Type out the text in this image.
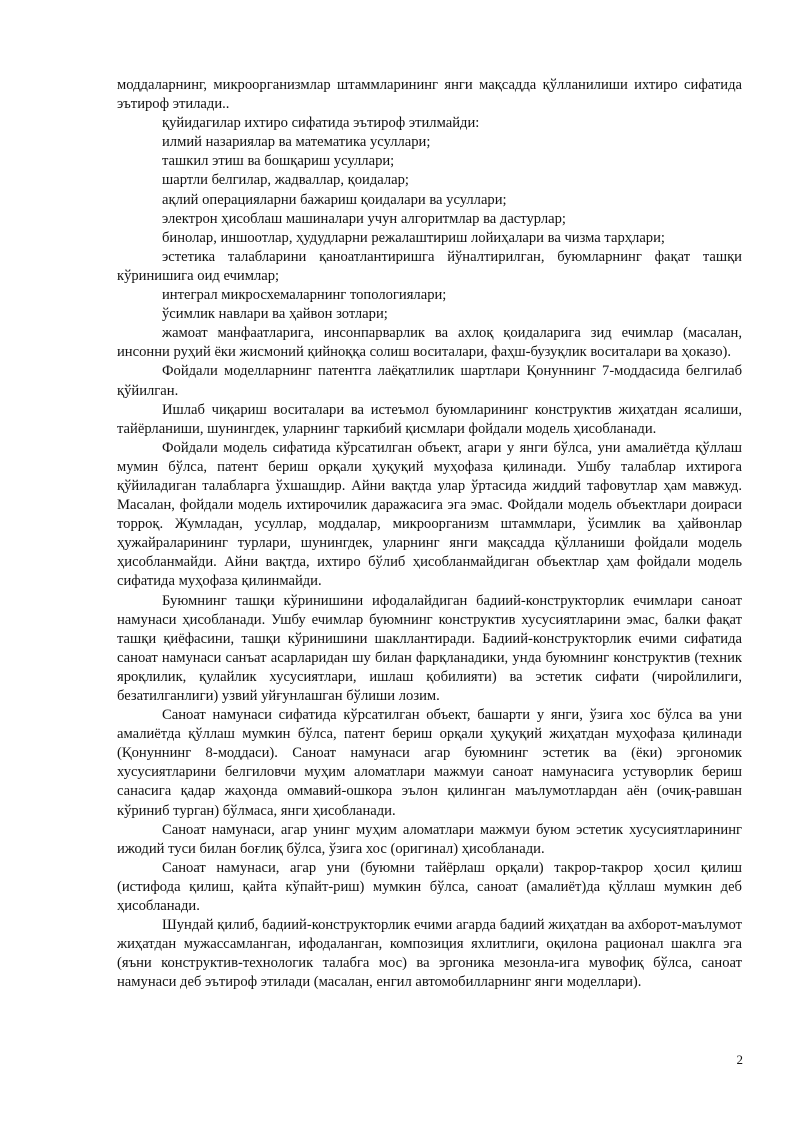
моддаларнинг, микроорганизмлар штаммларининг янги мақсадда қўлланилиши ихтиро сифатида эътироф этилади..

қуйидагилар ихтиро сифатида эътироф этилмайди:

илмий назариялар ва математика усуллари;

ташкил этиш ва бошқариш усуллари;

шартли белгилар, жадваллар, қоидалар;

ақлий операцияларни бажариш қоидалари ва усуллари;

электрон ҳисоблаш машиналари учун алгоритмлар ва дастурлар;

бинолар, иншоотлар, ҳудудларни режалаштириш лойиҳалари ва чизма тарҳлари;

эстетика талабларини қаноатлантиришга йўналтирилган, буюмларнинг фақат ташқи кўринишига оид ечимлар;

интеграл микросхемаларнинг топологиялари;

ўсимлик навлари ва ҳайвон зотлари;

жамоат манфаатларига, инсонпарварлик ва ахлоқ қоидаларига зид ечимлар (масалан, инсонни руҳий ёки жисмоний қийноққа солиш воситалари, фаҳш-бузуқлик воситалари ва ҳоказо).

Фойдали моделларнинг патентга лаёқатлилик шартлари Қонуннинг 7-моддасида белгилаб қўйилган.

Ишлаб чиқариш воситалари ва истеъмол буюмларининг конструктив жиҳатдан ясалиши, тайёрланиши, шунингдек, уларнинг таркибий қисмлари фойдали модель ҳисобланади.

Фойдали модель сифатида кўрсатилган объект, агари у янги бўлса, уни амалиётда қўллаш мумин бўлса, патент бериш орқали ҳуқуқий муҳофаза қилинади. Ушбу талаблар ихтирога қўйиладиган талабларга ўхшашдир. Айни вақтда улар ўртасида жиддий тафовутлар ҳам мавжуд. Масалан, фойдали модель ихтирочилик даражасига эга эмас. Фойдали модель объектлари доираси торроқ. Жумладан, усуллар, моддалар, микроорганизм штаммлари, ўсимлик ва ҳайвонлар ҳужайраларининг турлари, шунингдек, уларнинг янги мақсадда қўлланиши фойдали модель ҳисобланмайди. Айни вақтда, ихтиро бўлиб ҳисобланмайдиган объектлар ҳам фойдали модель сифатида муҳофаза қилинмайди.

Буюмнинг ташқи кўринишини ифодалайдиган бадиий-конструкторлик ечимлари саноат намунаси ҳисобланади. Ушбу ечимлар буюмнинг конструктив хусусиятларини эмас, балки фақат ташқи қиёфасини, ташқи кўринишини шакллантиради. Бадиий-конструкторлик ечими сифатида саноат намунаси санъат асарларидан шу билан фарқланадики, унда буюмнинг конструктив (техник яроқлилик, қулайлик хусусиятлари, ишлаш қобилияти) ва эстетик сифати (чиройлилиги, безатилганлиги) узвий уйғунлашган бўлиши лозим.

Саноат намунаси сифатида кўрсатилган объект, башарти у янги, ўзига хос бўлса ва уни амалиётда қўллаш мумкин бўлса, патент бериш орқали ҳуқуқий жиҳатдан муҳофаза қилинади (Қонуннинг 8-моддаси). Саноат намунаси агар буюмнинг эстетик ва (ёки) эргономик хусусиятларини белгиловчи муҳим аломатлари мажмуи саноат намунасига устуворлик бериш санасига қадар жаҳонда оммавий-ошкора эълон қилинган маълумотлардан аён (очиқ-равшан кўриниб турган) бўлмаса, янги ҳисобланади.

Саноат намунаси, агар унинг муҳим аломатлари мажмуи буюм эстетик хусусиятларининг ижодий туси билан боғлиқ бўлса, ўзига хос (оригинал) ҳисобланади.

Саноат намунаси, агар уни (буюмни тайёрлаш орқали) такрор-такрор ҳосил қилиш (истифода қилиш, қайта кўпайт-риш) мумкин бўлса, саноат (амалиёт)да қўллаш мумкин деб ҳисобланади.

Шундай қилиб, бадиий-конструкторлик ечими агарда бадиий жиҳатдан ва ахборот-маълумот жиҳатдан мужассамланган, ифодаланган, композиция яхлитлиги, оқилона рационал шаклга эга (яъни конструктив-технологик талабга мос) ва эргоника мезонла-ига мувофиқ бўлса, саноат намунаси деб эътироф этилади (масалан, енгил автомобилларнинг янги моделлари).

2
